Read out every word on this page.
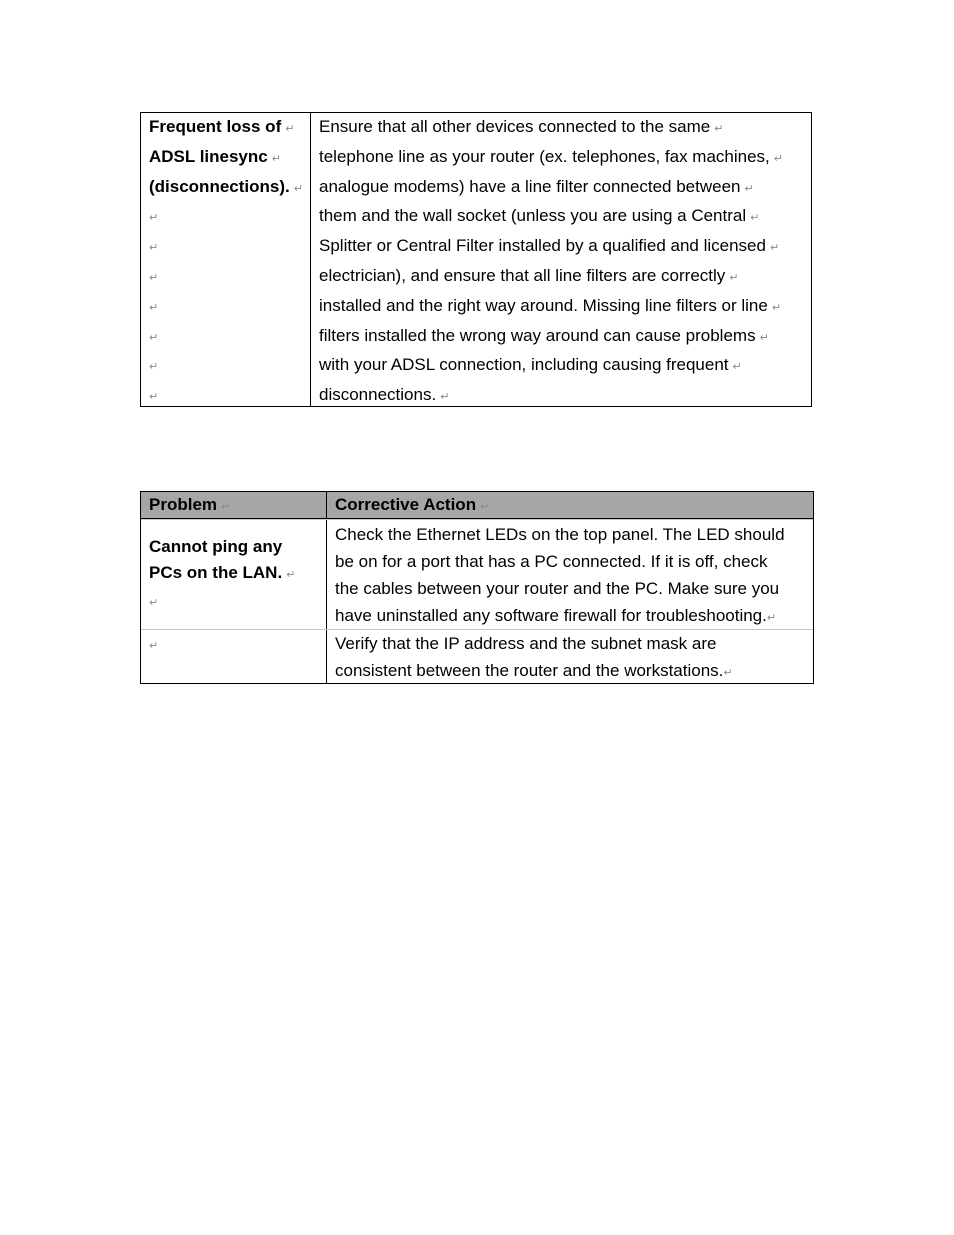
Frequent loss of ↵
ADSL linesync ↵
(disconnections). ↵
↵
↵
↵
↵
↵
↵
↵
Ensure that all other devices connected to the same ↵
telephone line as your router (ex. telephones, fax machines, ↵
analogue modems) have a line filter connected between ↵
them and the wall socket (unless you are using a Central ↵
Splitter or Central Filter installed by a qualified and licensed ↵
electrician), and ensure that all line filters are correctly ↵
installed and the right way around. Missing line filters or line ↵
filters installed the wrong way around can cause problems ↵
with your ADSL connection, including causing frequent ↵
disconnections. ↵
Problem ↵	Corrective Action ↵
Cannot ping any
PCs on the LAN. ↵
↵
Check the Ethernet LEDs on the top panel. The LED should
be on for a port that has a PC connected. If it is off, check
the cables between your router and the PC. Make sure you
have uninstalled any software firewall for troubleshooting.↵
↵	Verify that the IP address and the subnet mask are
consistent between the router and the workstations.↵
